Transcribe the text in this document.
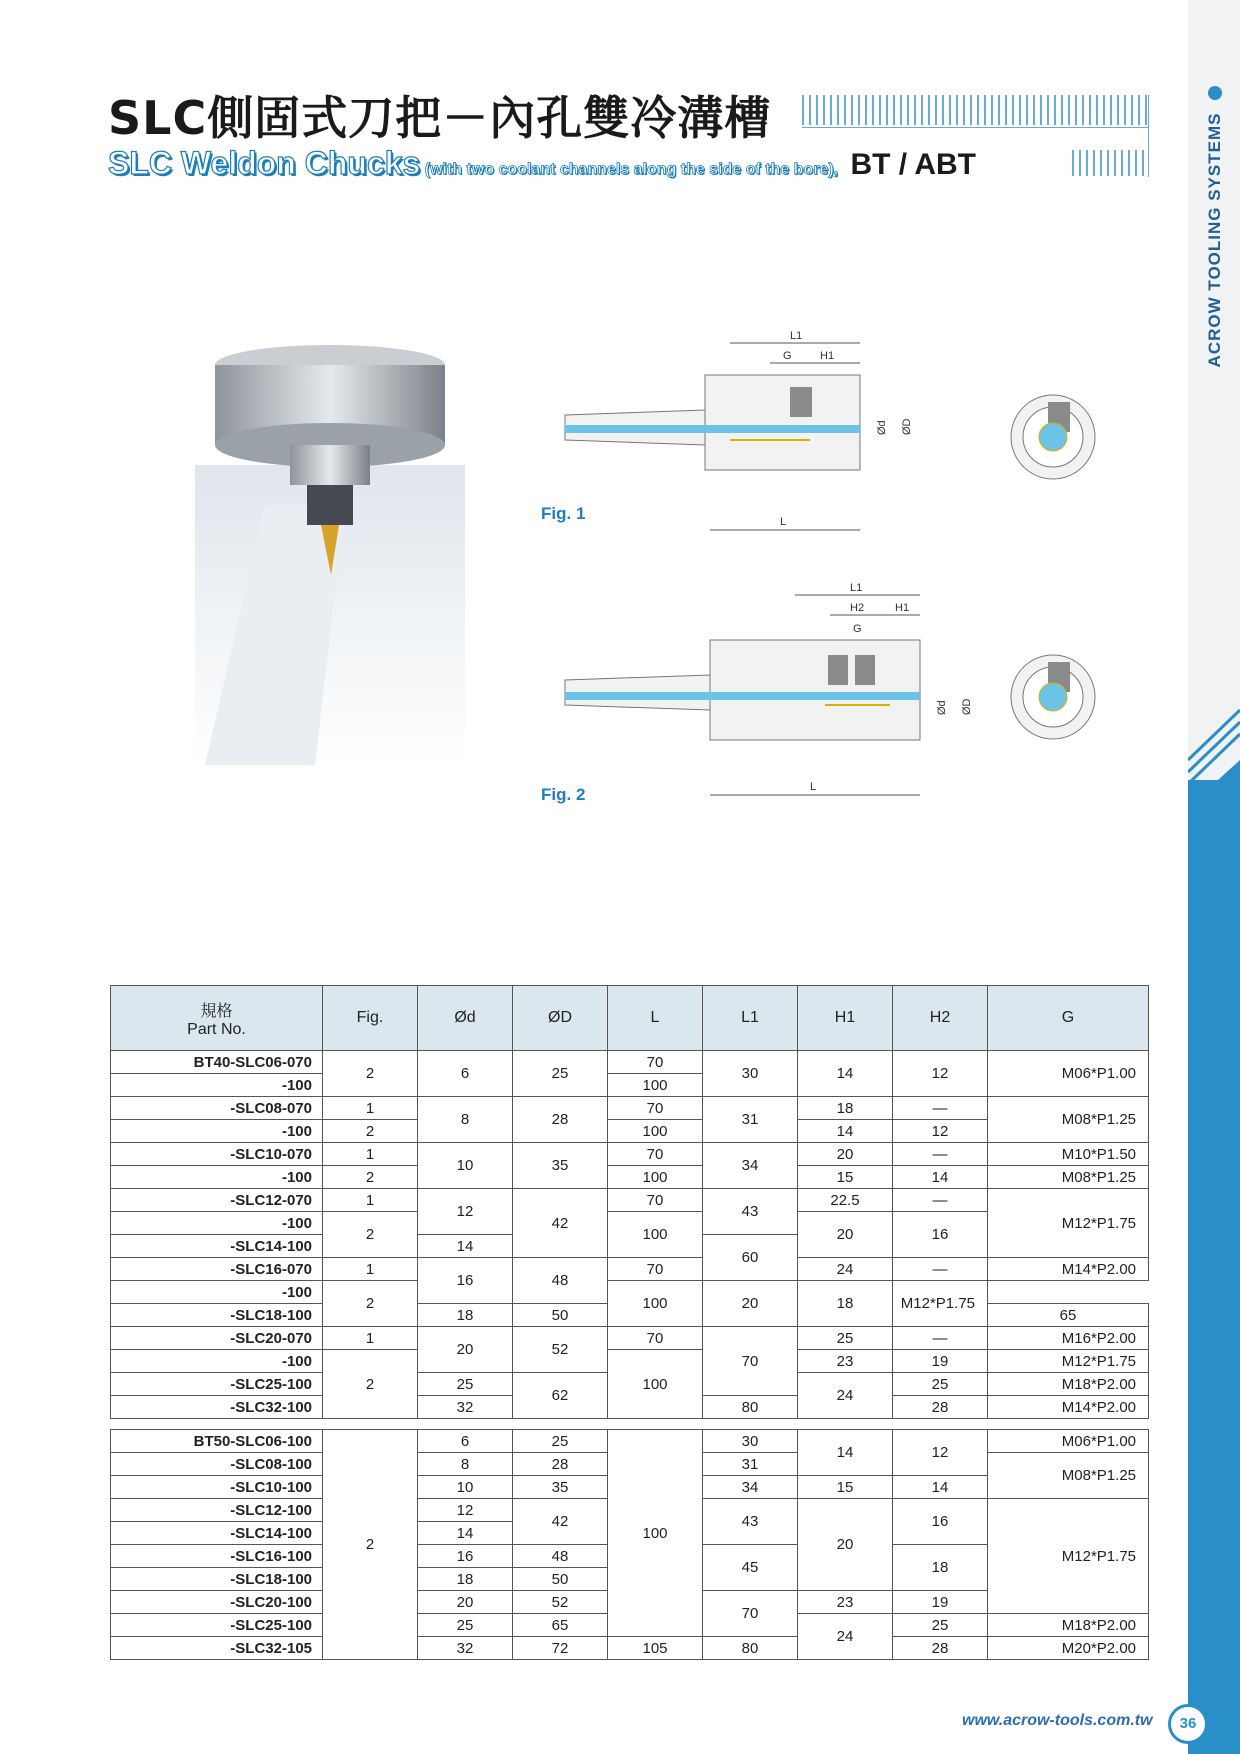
SLC側固式刀把－內孔雙冷溝槽
SLC Weldon Chucks (with two coolant channels along the side of the bore), BT / ABT	ACROW TOOLING SYSTEMS
L1
G	H1
L
Ød ØD
Fig. 1
L1
H2	H1
G
L
Ød ØD
Fig. 2
規格
Part No.	Fig.	Ød	ØD	L	L1	H1	H2	G
BT40-SLC06-070	2	6	25	70	30	14	12	M06*P1.00
-100				100				
-SLC08-070	1	8	28	70	31	18	—	M08*P1.25
-100	2			100		14	12	
-SLC10-070	1	10	35	70	34	20	—	M10*P1.50
-100	2			100		15	14	M08*P1.25
-SLC12-070	1	12	42	70	43	22.5	—	M12*P1.75
-100	2			100		20	16	
-SLC14-100		14			60			
-SLC16-070	1	16	48	70		24	—	M14*P2.00
-100	2			100	20	18	M12*P1.75	
-SLC18-100		18	50					65
-SLC20-070	1	20	52	70	70	25	—	M16*P2.00
-100	2			100		23	19	M12*P1.75
-SLC25-100		25	62			24	25	M18*P2.00
-SLC32-100		32			80		28	M14*P2.00

BT50-SLC06-100	2	6	25	100	30	14	12	M06*P1.00
-SLC08-100		8	28		31			M08*P1.25
-SLC10-100		10	35		34	15	14	
-SLC12-100		12	42		43	20	16	M12*P1.75
-SLC14-100		14						
-SLC16-100		16	48		45		18	
-SLC18-100		18	50					
-SLC20-100		20	52		70	23	19	
-SLC25-100		25	65			24	25	M18*P2.00
-SLC32-105		32	72	105	80		28	M20*P2.00
www.acrow-tools.com.tw	36
